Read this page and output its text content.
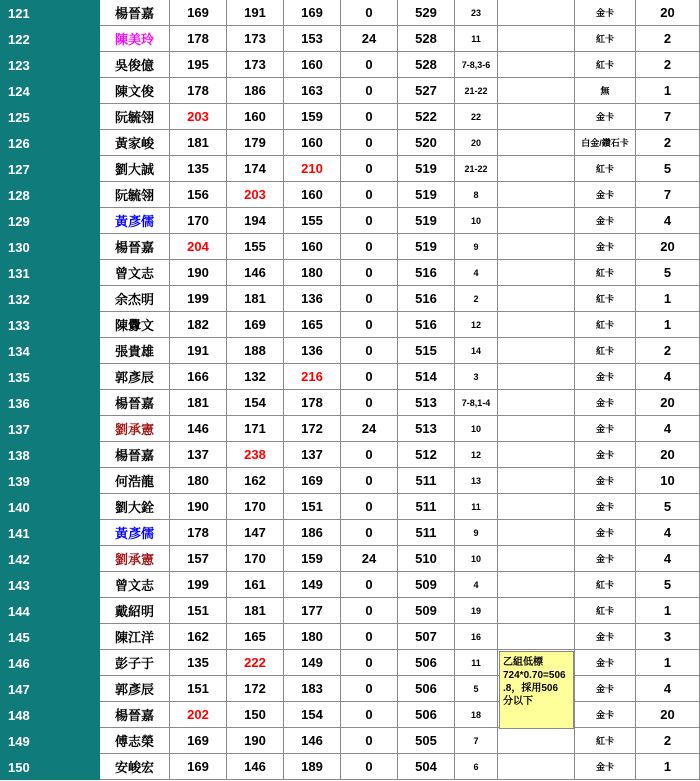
121	楊晉嘉	169	191	169	0	529	23	金卡	20
122	陳美玲	178	173	153	24	528	11	紅卡	2
123	吳俊億	195	173	160	0	528	7-8,3-6	紅卡	2
124	陳文俊	178	186	163	0	527	21-22	無	1
125	阮毓翎	203	160	159	0	522	22	金卡	7
126	黃家峻	181	179	160	0	520	20	白金/鑽石卡	2
127	劉大誠	135	174	210	0	519	21-22	紅卡	5
128	阮毓翎	156	203	160	0	519	8	金卡	7
129	黃彥儒	170	194	155	0	519	10	金卡	4
130	楊晉嘉	204	155	160	0	519	9	金卡	20
131	曾文志	190	146	180	0	516	4	紅卡	5
132	余杰明	199	181	136	0	516	2	紅卡	1
133	陳釁文	182	169	165	0	516	12	紅卡	1
134	張貴雄	191	188	136	0	515	14	紅卡	2
135	郭彥辰	166	132	216	0	514	3	金卡	4
136	楊晉嘉	181	154	178	0	513	7-8,1-4	金卡	20
137	劉承憲	146	171	172	24	513	10	金卡	4
138	楊晉嘉	137	238	137	0	512	12	金卡	20
139	何浩龍	180	162	169	0	511	13	金卡	10
140	劉大銓	190	170	151	0	511	11	金卡	5
141	黃彥儒	178	147	186	0	511	9	金卡	4
142	劉承憲	157	170	159	24	510	10	金卡	4
143	曾文志	199	161	149	0	509	4	紅卡	5
144	戴紹明	151	181	177	0	509	19	紅卡	1
145	陳江洋	162	165	180	0	507	16	金卡	3
146	彭子于	135	222	149	0	506	11	金卡	1
147	郭彥辰	151	172	183	0	506	5	金卡	4
148	楊晉嘉	202	150	154	0	506	18	金卡	20
149	傅志榮	169	190	146	0	505	7	紅卡	2
150	安峻宏	169	146	189	0	504	6	金卡	1
乙組低標
724*0.70=506
.8，採用506
分以下
